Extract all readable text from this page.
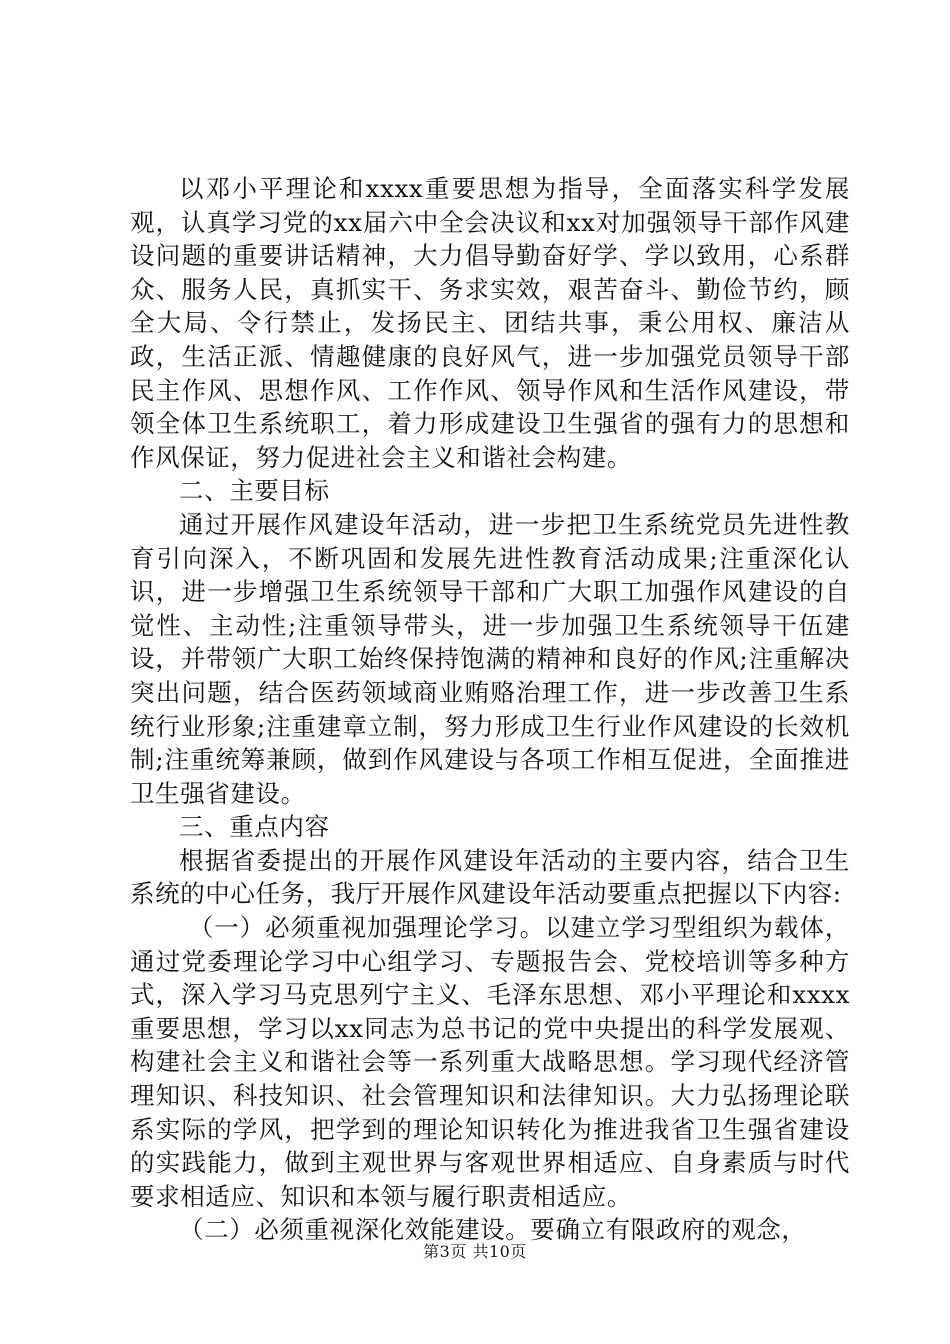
以邓小平理论和xxxx重要思想为指导，全面落实科学发展观，认真学习党的xx届六中全会决议和xx对加强领导干部作风建设问题的重要讲话精神，大力倡导勤奋好学、学以致用，心系群众、服务人民，真抓实干、务求实效，艰苦奋斗、勤俭节约，顾全大局、令行禁止，发扬民主、团结共事，秉公用权、廉洁从政，生活正派、情趣健康的良好风气，进一步加强党员领导干部民主作风、思想作风、工作作风、领导作风和生活作风建设，带领全体卫生系统职工，着力形成建设卫生强省的强有力的思想和作风保证，努力促进社会主义和谐社会构建。

二、主要目标

通过开展作风建设年活动，进一步把卫生系统党员先进性教育引向深入，不断巩固和发展先进性教育活动成果;注重深化认识，进一步增强卫生系统领导干部和广大职工加强作风建设的自觉性、主动性;注重领导带头，进一步加强卫生系统领导干伍建设，并带领广大职工始终保持饱满的精神和良好的作风;注重解决突出问题，结合医药领域商业贿赂治理工作，进一步改善卫生系统行业形象;注重建章立制，努力形成卫生行业作风建设的长效机制;注重统筹兼顾，做到作风建设与各项工作相互促进，全面推进卫生强省建设。

三、重点内容

根据省委提出的开展作风建设年活动的主要内容，结合卫生系统的中心任务，我厅开展作风建设年活动要重点把握以下内容:

（一）必须重视加强理论学习。以建立学习型组织为载体，通过党委理论学习中心组学习、专题报告会、党校培训等多种方式，深入学习马克思列宁主义、毛泽东思想、邓小平理论和xxxx重要思想，学习以xx同志为总书记的党中央提出的科学发展观、构建社会主义和谐社会等一系列重大战略思想。学习现代经济管理知识、科技知识、社会管理知识和法律知识。大力弘扬理论联系实际的学风，把学到的理论知识转化为推进我省卫生强省建设的实践能力，做到主观世界与客观世界相适应、自身素质与时代要求相适应、知识和本领与履行职责相适应。

（二）必须重视深化效能建设。要确立有限政府的观念，

第3页 共10页
